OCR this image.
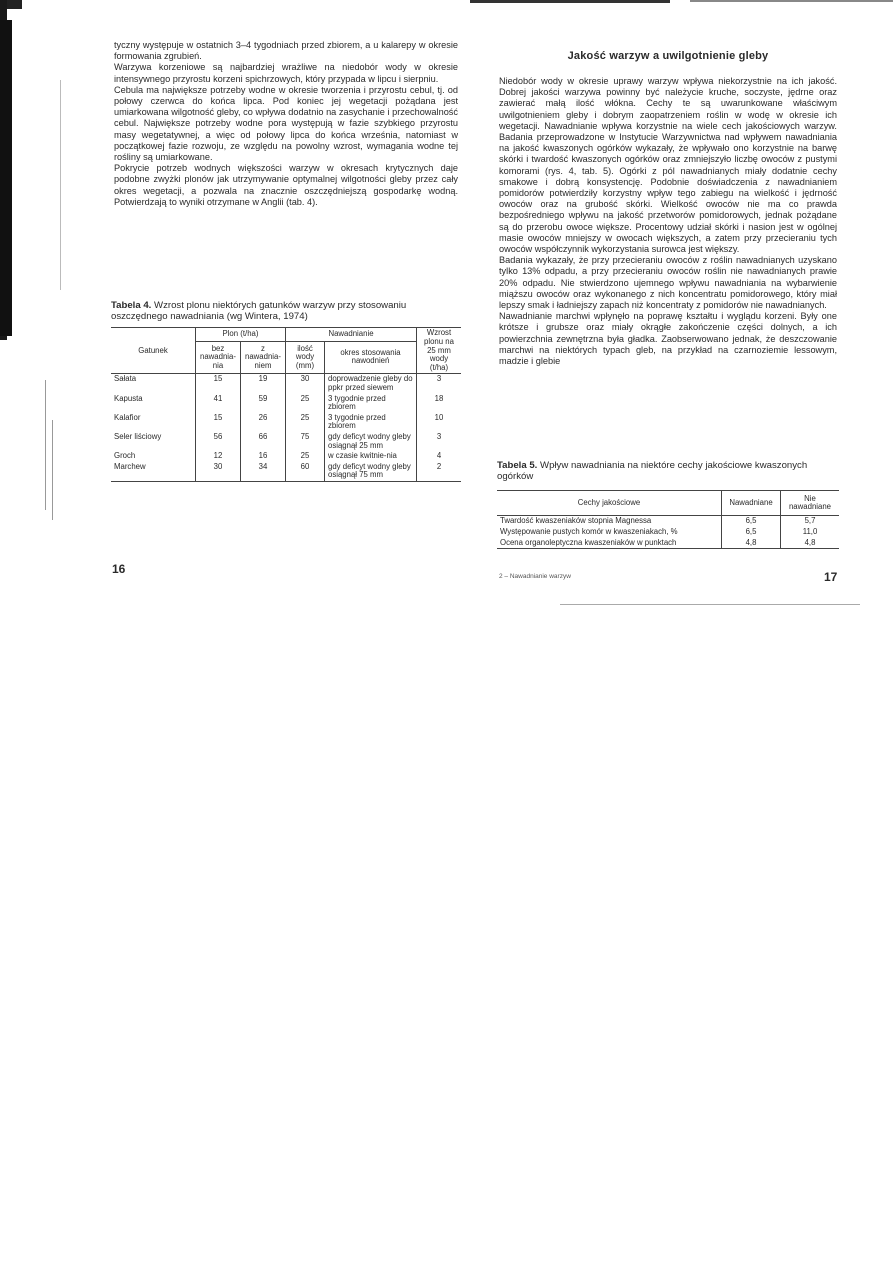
tyczny występuje w ostatnich 3–4 tygodniach przed zbiorem, a u kalarepy w okresie formowania zgrubień.

Warzywa korzeniowe są najbardziej wrażliwe na niedobór wody w okresie intensywnego przyrostu korzeni spichrzowych, który przypada w lipcu i sierpniu.

Cebula ma największe potrzeby wodne w okresie tworzenia i przyrostu cebul, tj. od połowy czerwca do końca lipca. Pod koniec jej wegetacji pożądana jest umiarkowana wilgotność gleby, co wpływa dodatnio na zasychanie i przechowalność cebul. Największe potrzeby wodne pora występują w fazie szybkiego przyrostu masy wegetatywnej, a więc od połowy lipca do końca września, natomiast w początkowej fazie rozwoju, ze względu na powolny wzrost, wymagania wodne tej rośliny są umiarkowane.

Pokrycie potrzeb wodnych większości warzyw w okresach krytycznych daje podobne zwyżki plonów jak utrzymywanie optymalnej wilgotności gleby przez cały okres wegetacji, a pozwala na znacznie oszczędniejszą gospodarkę wodną. Potwierdzają to wyniki otrzymane w Anglii (tab. 4).

Tabela 4. Wzrost plonu niektórych gatunków warzyw przy stosowaniu oszczędnego nawadniania (wg Wintera, 1974)

Gatunek	Plon (t/ha)		Nawadnianie		Wzrost plonu na 25 mm wody (t/ha)
	bez nawadnia-nia	z nawadnia-niem	ilość wody (mm)	okres stosowania nawodnień	
Sałata	15	19	30	doprowadzenie gleby do ppkr przed siewem	3
Kapusta	41	59	25	3 tygodnie przed zbiorem	18
Kalafior	15	26	25	3 tygodnie przed zbiorem	10
Seler liściowy	56	66	75	gdy deficyt wodny gleby osiągnął 25 mm	3
Groch	12	16	25	w czasie kwitnie-nia	4
Marchew	30	34	60	gdy deficyt wodny gleby osiągnął 75 mm	2
Jakość warzyw a uwilgotnienie gleby

Niedobór wody w okresie uprawy warzyw wpływa niekorzystnie na ich jakość. Dobrej jakości warzywa powinny być należycie kruche, soczyste, jędrne oraz zawierać małą ilość włókna. Cechy te są uwarunkowane właściwym uwilgotnieniem gleby i dobrym zaopatrzeniem roślin w wodę w okresie ich wegetacji. Nawadnianie wpływa korzystnie na wiele cech jakościowych warzyw. Badania przeprowadzone w Instytucie Warzywnictwa nad wpływem nawadniania na jakość kwaszonych ogórków wykazały, że wpływało ono korzystnie na barwę skórki i twardość kwaszonych ogórków oraz zmniejszyło liczbę owoców z pustymi komorami (rys. 4, tab. 5). Ogórki z pól nawadnianych miały dodatnie cechy smakowe i dobrą konsystencję. Podobnie doświadczenia z nawadnianiem pomidorów potwierdziły korzystny wpływ tego zabiegu na wielkość i jędrność owoców oraz na grubość skórki. Wielkość owoców nie ma co prawda bezpośredniego wpływu na jakość przetworów pomidorowych, jednak pożądane są do przerobu owoce większe. Procentowy udział skórki i nasion jest w ogólnej masie owoców mniejszy w owocach większych, a zatem przy przecieraniu tych owoców współczynnik wykorzystania surowca jest większy.

Badania wykazały, że przy przecieraniu owoców z roślin nawadnianych uzyskano tylko 13% odpadu, a przy przecieraniu owoców roślin nie nawadnianych prawie 20% odpadu. Nie stwierdzono ujemnego wpływu nawadniania na wybarwienie miąższu owoców oraz wykonanego z nich koncentratu pomidorowego, który miał lepszy smak i ładniejszy zapach niż koncentraty z pomidorów nie nawadnianych.

Nawadnianie marchwi wpłynęło na poprawę kształtu i wyglądu korzeni. Były one krótsze i grubsze oraz miały okrągłe zakończenie części dolnych, a ich powierzchnia zewnętrzna była gładka. Zaobserwowano jednak, że deszczowanie marchwi na niektórych typach gleb, na przykład na czarnoziemie lessowym, madzie i glebie

Tabela 5. Wpływ nawadniania na niektóre cechy jakościowe kwaszonych ogórków

Cechy jakościowe	Nawadniane	Nie nawadniane
Twardość kwaszeniaków stopnia Magnessa	6,5	5,7
Występowanie pustych komór w kwaszeniakach, %	6,5	11,0
Ocena organoleptyczna kwaszeniaków w punktach	4,8	4,8
16
17
2 – Nawadnianie warzyw
